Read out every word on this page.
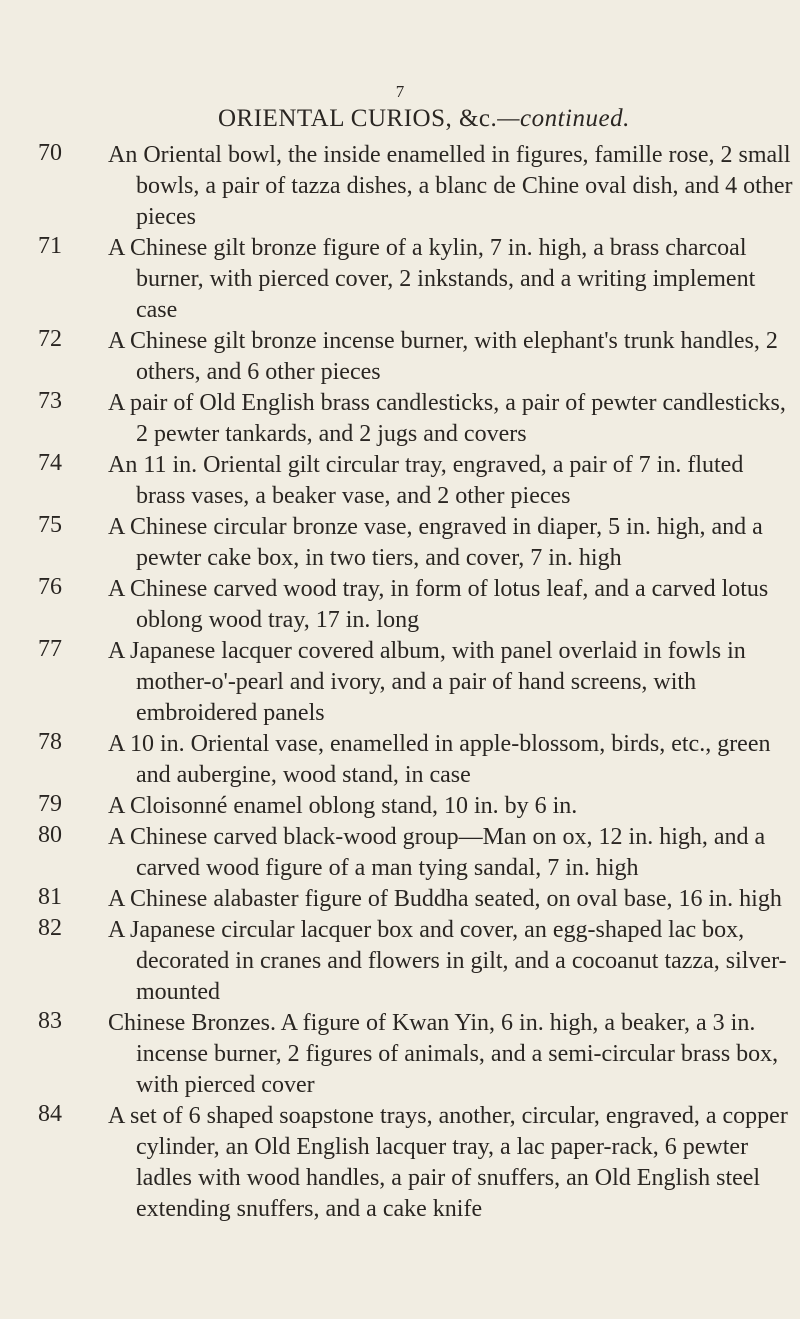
7
ORIENTAL CURIOS, &c.—continued.
70	An Oriental bowl, the inside enamelled in figures, famille rose, 2 small bowls, a pair of tazza dishes, a blanc de Chine oval dish, and 4 other pieces
71	A Chinese gilt bronze figure of a kylin, 7 in. high, a brass charcoal burner, with pierced cover, 2 inkstands, and a writing implement case
72	A Chinese gilt bronze incense burner, with elephant's trunk handles, 2 others, and 6 other pieces
73	A pair of Old English brass candlesticks, a pair of pewter candlesticks, 2 pewter tankards, and 2 jugs and covers
74	An 11 in. Oriental gilt circular tray, engraved, a pair of 7 in. fluted brass vases, a beaker vase, and 2 other pieces
75	A Chinese circular bronze vase, engraved in diaper, 5 in. high, and a pewter cake box, in two tiers, and cover, 7 in. high
76	A Chinese carved wood tray, in form of lotus leaf, and a carved lotus oblong wood tray, 17 in. long
77	A Japanese lacquer covered album, with panel overlaid in fowls in mother-o'-pearl and ivory, and a pair of hand screens, with embroidered panels
78	A 10 in. Oriental vase, enamelled in apple-blossom, birds, etc., green and aubergine, wood stand, in case
79	A Cloisonné enamel oblong stand, 10 in. by 6 in.
80	A Chinese carved black-wood group—Man on ox, 12 in. high, and a carved wood figure of a man tying sandal, 7 in. high
81	A Chinese alabaster figure of Buddha seated, on oval base, 16 in. high
82	A Japanese circular lacquer box and cover, an egg-shaped lac box, decorated in cranes and flowers in gilt, and a cocoanut tazza, silver-mounted
83	Chinese Bronzes. A figure of Kwan Yin, 6 in. high, a beaker, a 3 in. incense burner, 2 figures of animals, and a semi-circular brass box, with pierced cover
84	A set of 6 shaped soapstone trays, another, circular, engraved, a copper cylinder, an Old English lacquer tray, a lac paper-rack, 6 pewter ladles with wood handles, a pair of snuffers, an Old English steel extending snuffers, and a cake knife
